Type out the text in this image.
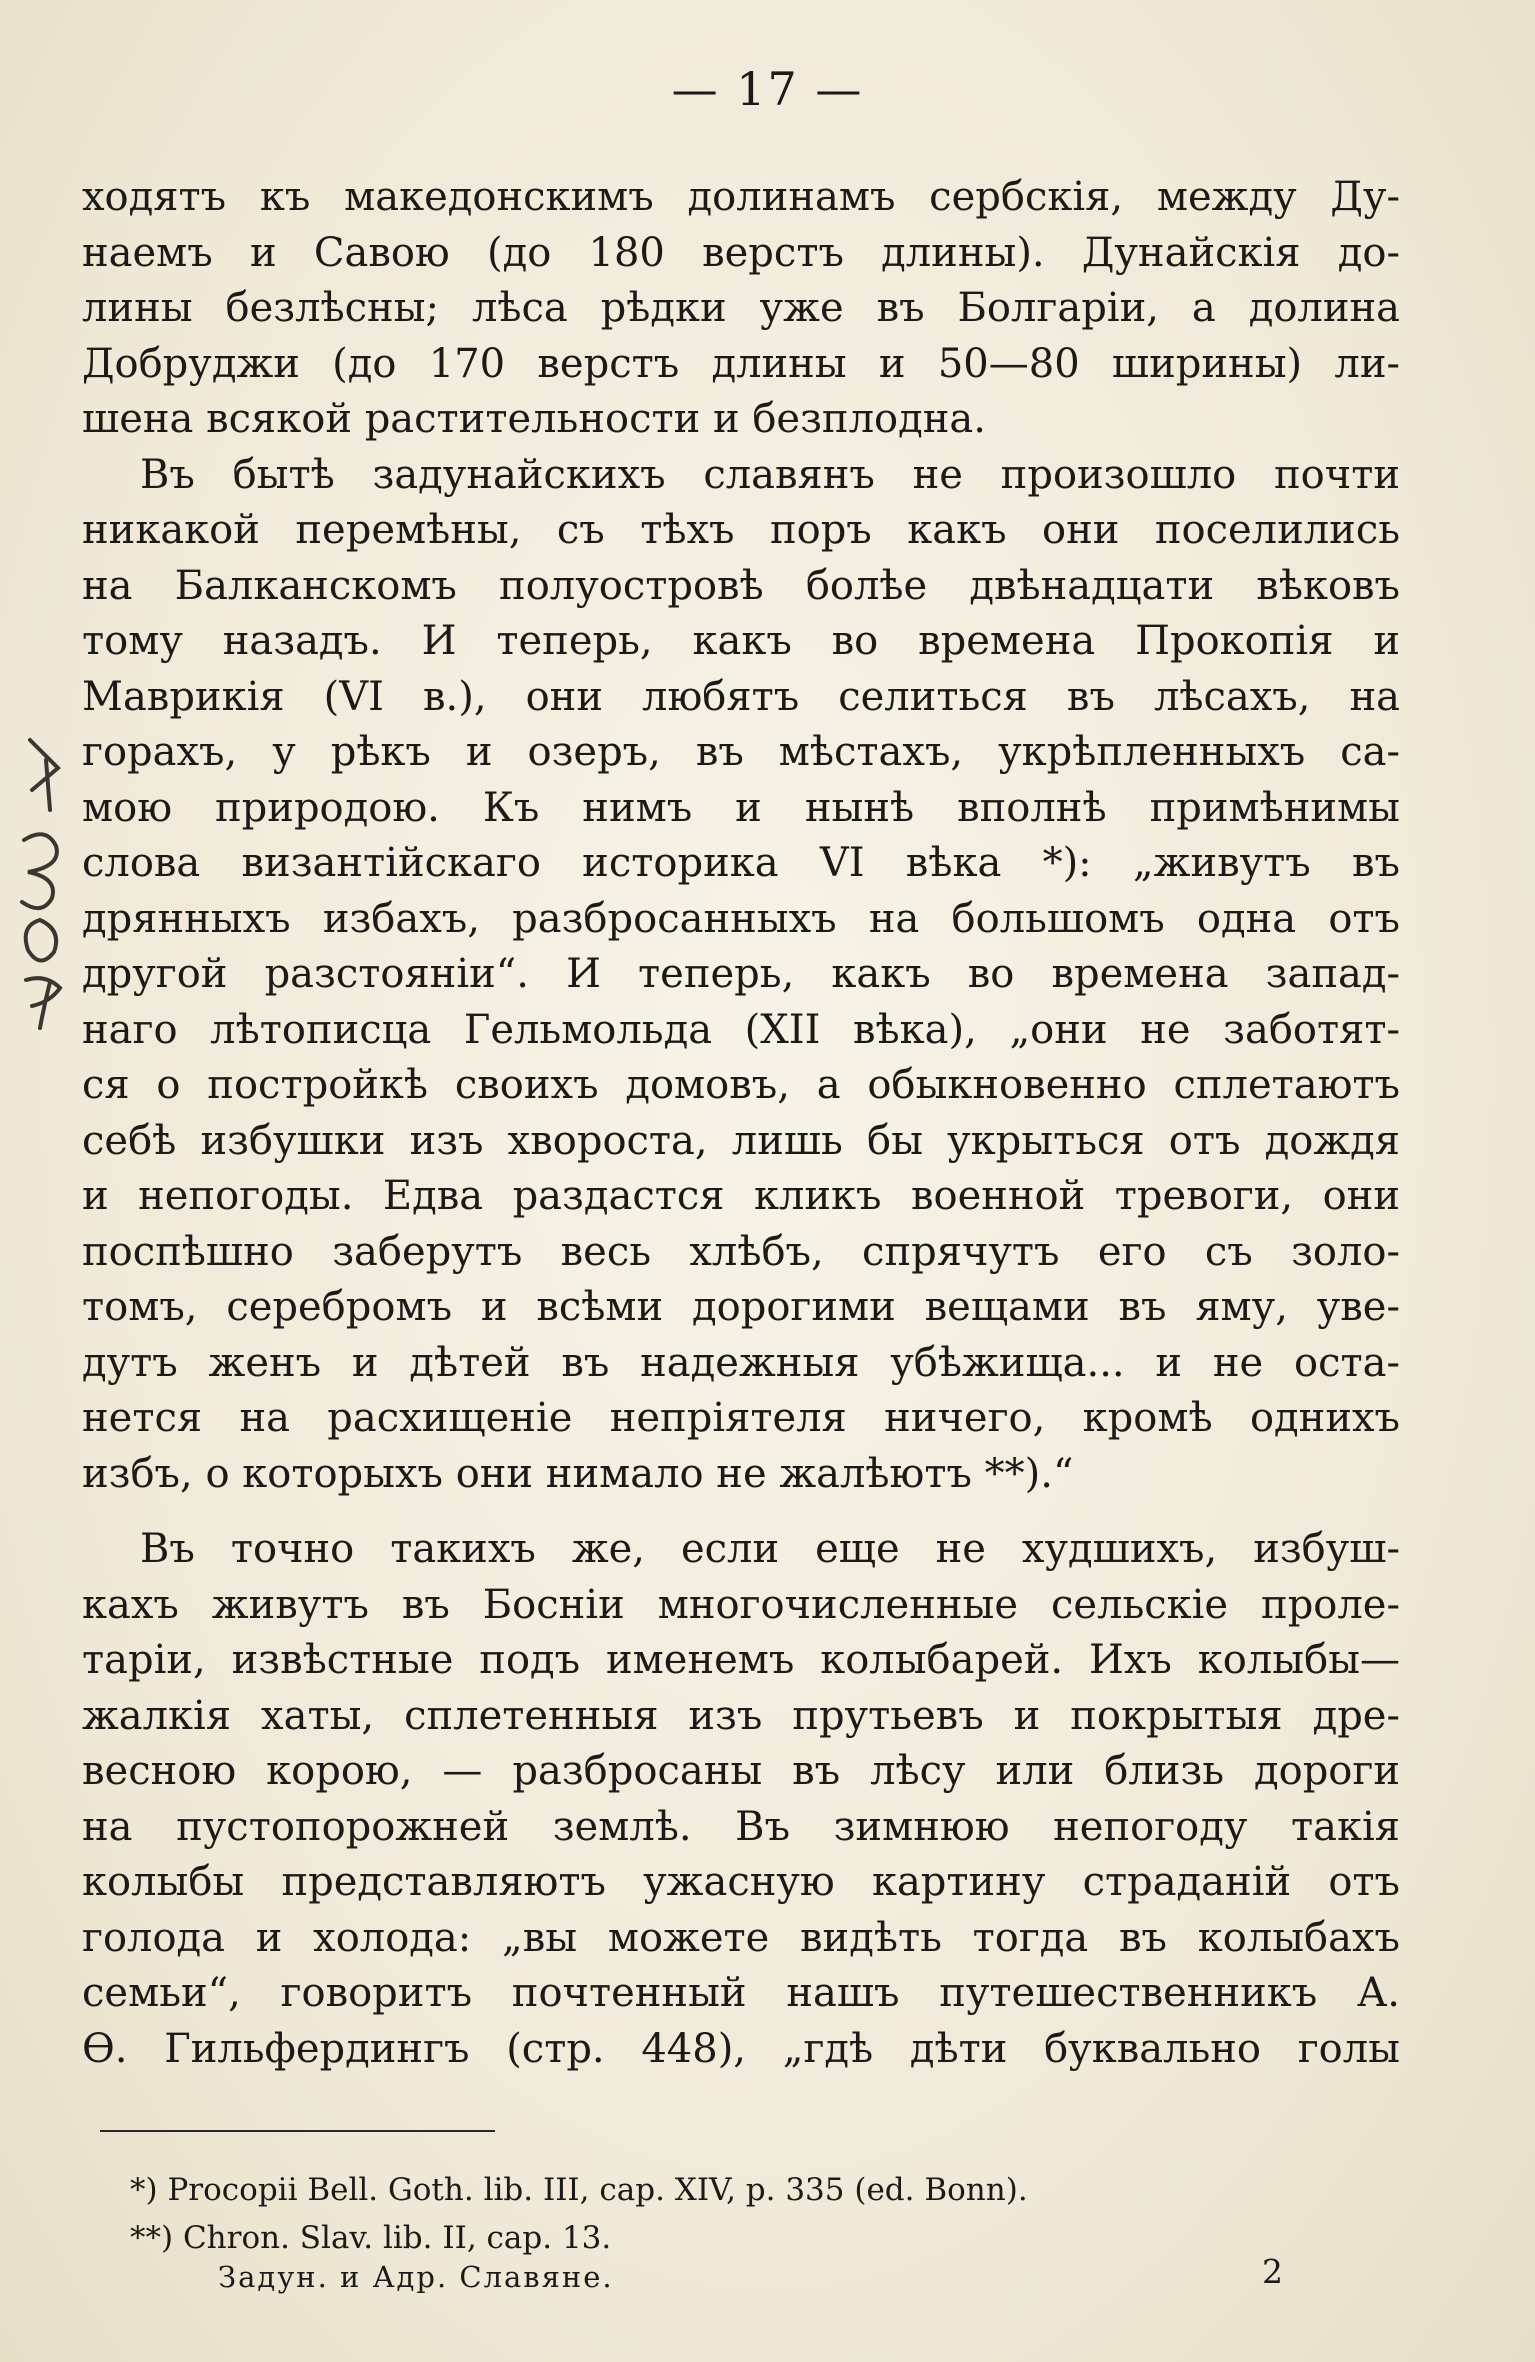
— 17 —
ходятъ къ македонскимъ долинамъ сербскія, между Ду-
наемъ и Савою (до 180 верстъ длины). Дунайскія до-
лины безлѣсны; лѣса рѣдки уже въ Болгаріи, а долина
Добруджи (до 170 верстъ длины и 50—80 ширины) ли-
шена всякой растительности и безплодна.
Въ бытѣ задунайскихъ славянъ не произошло почти
никакой перемѣны, съ тѣхъ поръ какъ они поселились
на Балканскомъ полуостровѣ болѣе двѣнадцати вѣковъ
тому назадъ. И теперь, какъ во времена Прокопія и
Маврикія (VI в.), они любятъ селиться въ лѣсахъ, на
горахъ, у рѣкъ и озеръ, въ мѣстахъ, укрѣпленныхъ са-
мою природою. Къ нимъ и нынѣ вполнѣ примѣнимы
слова византійскаго историка VI вѣка *): „живутъ въ
дрянныхъ избахъ, разбросанныхъ на большомъ одна отъ
другой разстояніи“. И теперь, какъ во времена запад-
наго лѣтописца Гельмольда (XII вѣка), „они не заботят-
ся о постройкѣ своихъ домовъ, а обыкновенно сплетаютъ
себѣ избушки изъ хвороста, лишь бы укрыться отъ дождя
и непогоды. Едва раздастся кликъ военной тревоги, они
поспѣшно заберутъ весь хлѣбъ, спрячутъ его съ золо-
томъ, серебромъ и всѣми дорогими вещами въ яму, уве-
дутъ женъ и дѣтей въ надежныя убѣжища... и не оста-
нется на расхищеніе непріятеля ничего, кромѣ однихъ
избъ, о которыхъ они нимало не жалѣютъ **).“
Въ точно такихъ же, если еще не худшихъ, избуш-
кахъ живутъ въ Босніи многочисленные сельскіе проле-
таріи, извѣстные подъ именемъ колыбарей. Ихъ колыбы—
жалкія хаты, сплетенныя изъ прутьевъ и покрытыя дре-
весною корою, — разбросаны въ лѣсу или близь дороги
на пустопорожней землѣ. Въ зимнюю непогоду такія
колыбы представляютъ ужасную картину страданій отъ
голода и холода: „вы можете видѣть тогда въ колыбахъ
семьи“, говоритъ почтенный нашъ путешественникъ А.
Ѳ. Гильфердингъ (стр. 448), „гдѣ дѣти буквально голы
*) Procopii Bell. Goth. lib. III, cap. XIV, p. 335 (ed. Bonn).
**) Chron. Slav. lib. II, cap. 13.
Задун. и Адр. Славяне.	2
